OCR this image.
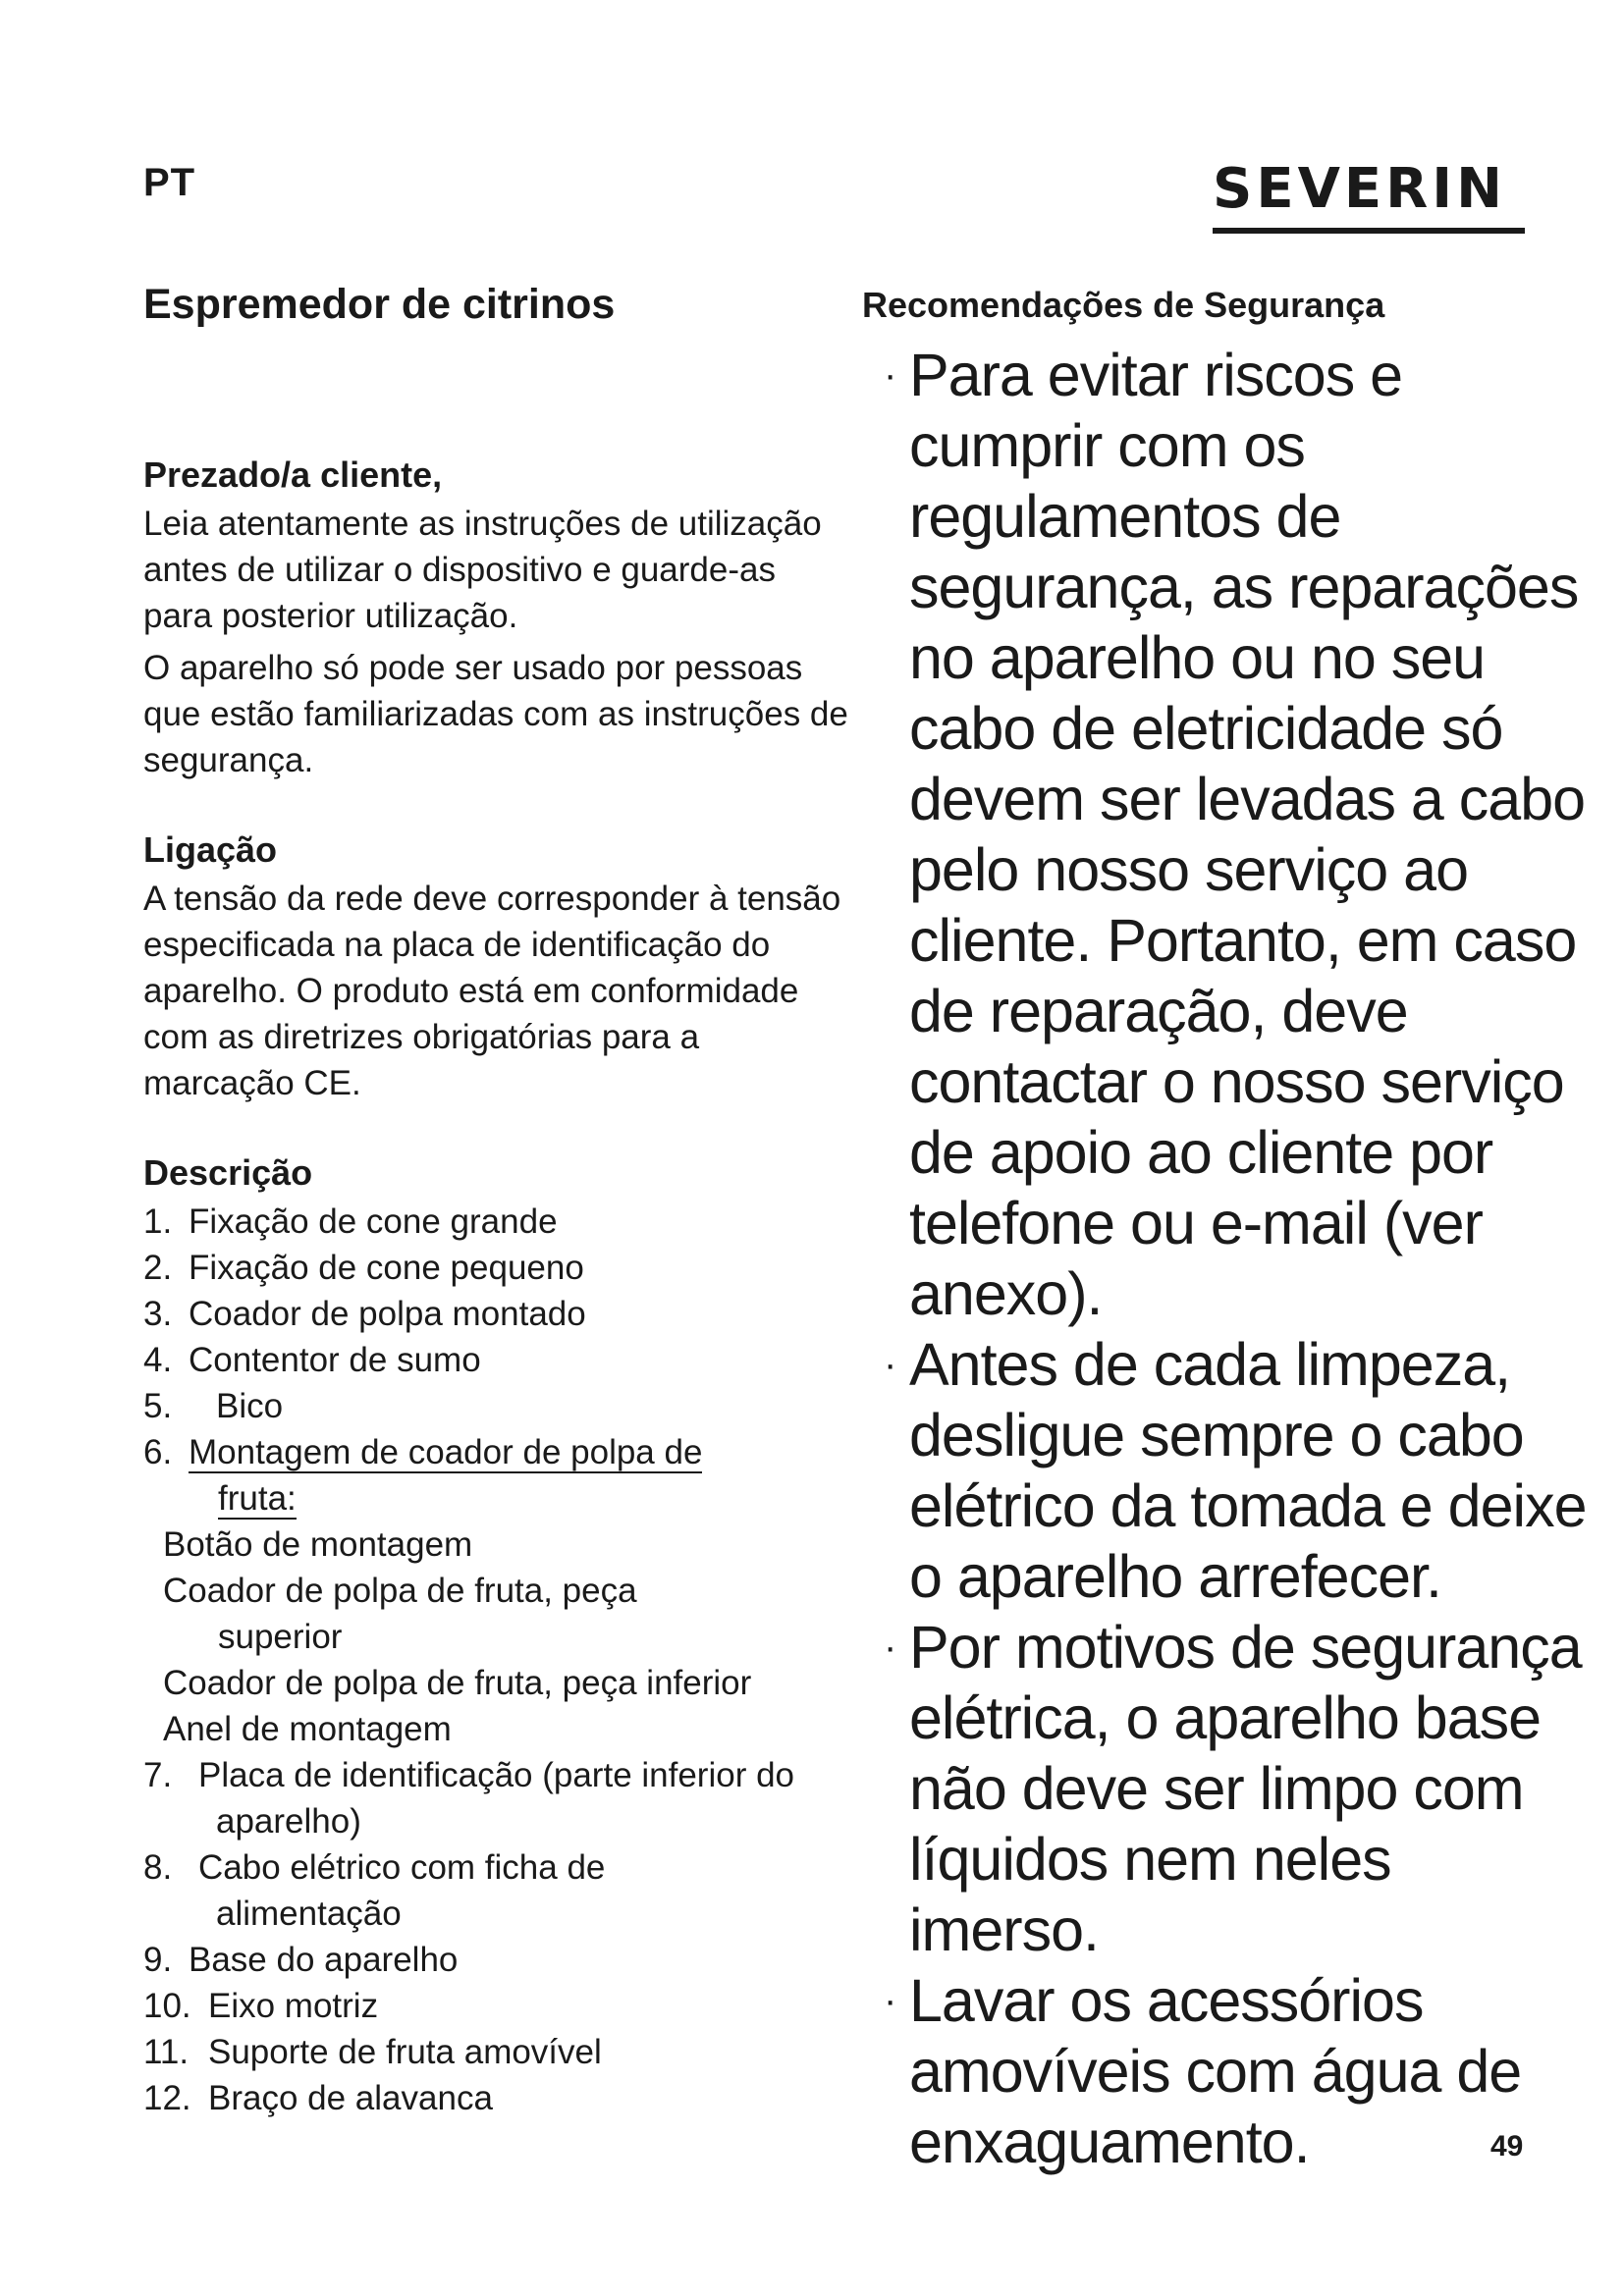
PT	SEVERIN
Espremedor de citrinos
Prezado/a cliente,

Leia atentamente as instruções de utilização antes de utilizar o dispositivo e guarde-as para posterior utilização.

O aparelho só pode ser usado por pessoas que estão familiarizadas com as instruções de segurança.

Ligação

A tensão da rede deve corresponder à tensão especificada na placa de identificação do aparelho. O produto está em conformidade com as diretrizes obrigatórias para a marcação CE.

Descrição
1. Fixação de cone grande
2. Fixação de cone pequeno
3. Coador de polpa montado
4. Contentor de sumo
5. Bico
6. Montagem de coador de polpa de
fruta:
Botão de montagem
Coador de polpa de fruta, peça
superior
Coador de polpa de fruta, peça inferior
Anel de montagem
7. Placa de identificação (parte inferior do
aparelho)
8. Cabo elétrico com ficha de
alimentação
9. Base do aparelho
10. Eixo motriz
11. Suporte de fruta amovível
12. Braço de alavanca
Recomendações de Segurança
· Para evitar riscos e cumprir com os regulamentos de segurança, as reparações no aparelho ou no seu cabo de eletricidade só devem ser levadas a cabo pelo nosso serviço ao cliente. Portanto, em caso de reparação, deve contactar o nosso serviço de apoio ao cliente por telefone ou e-mail (ver anexo).
· Antes de cada limpeza, desligue sempre o cabo elétrico da tomada e deixe o aparelho arrefecer.
· Por motivos de segurança elétrica, o aparelho base não deve ser limpo com líquidos nem neles imerso.
· Lavar os acessórios amovíveis com água de enxaguamento.	49
